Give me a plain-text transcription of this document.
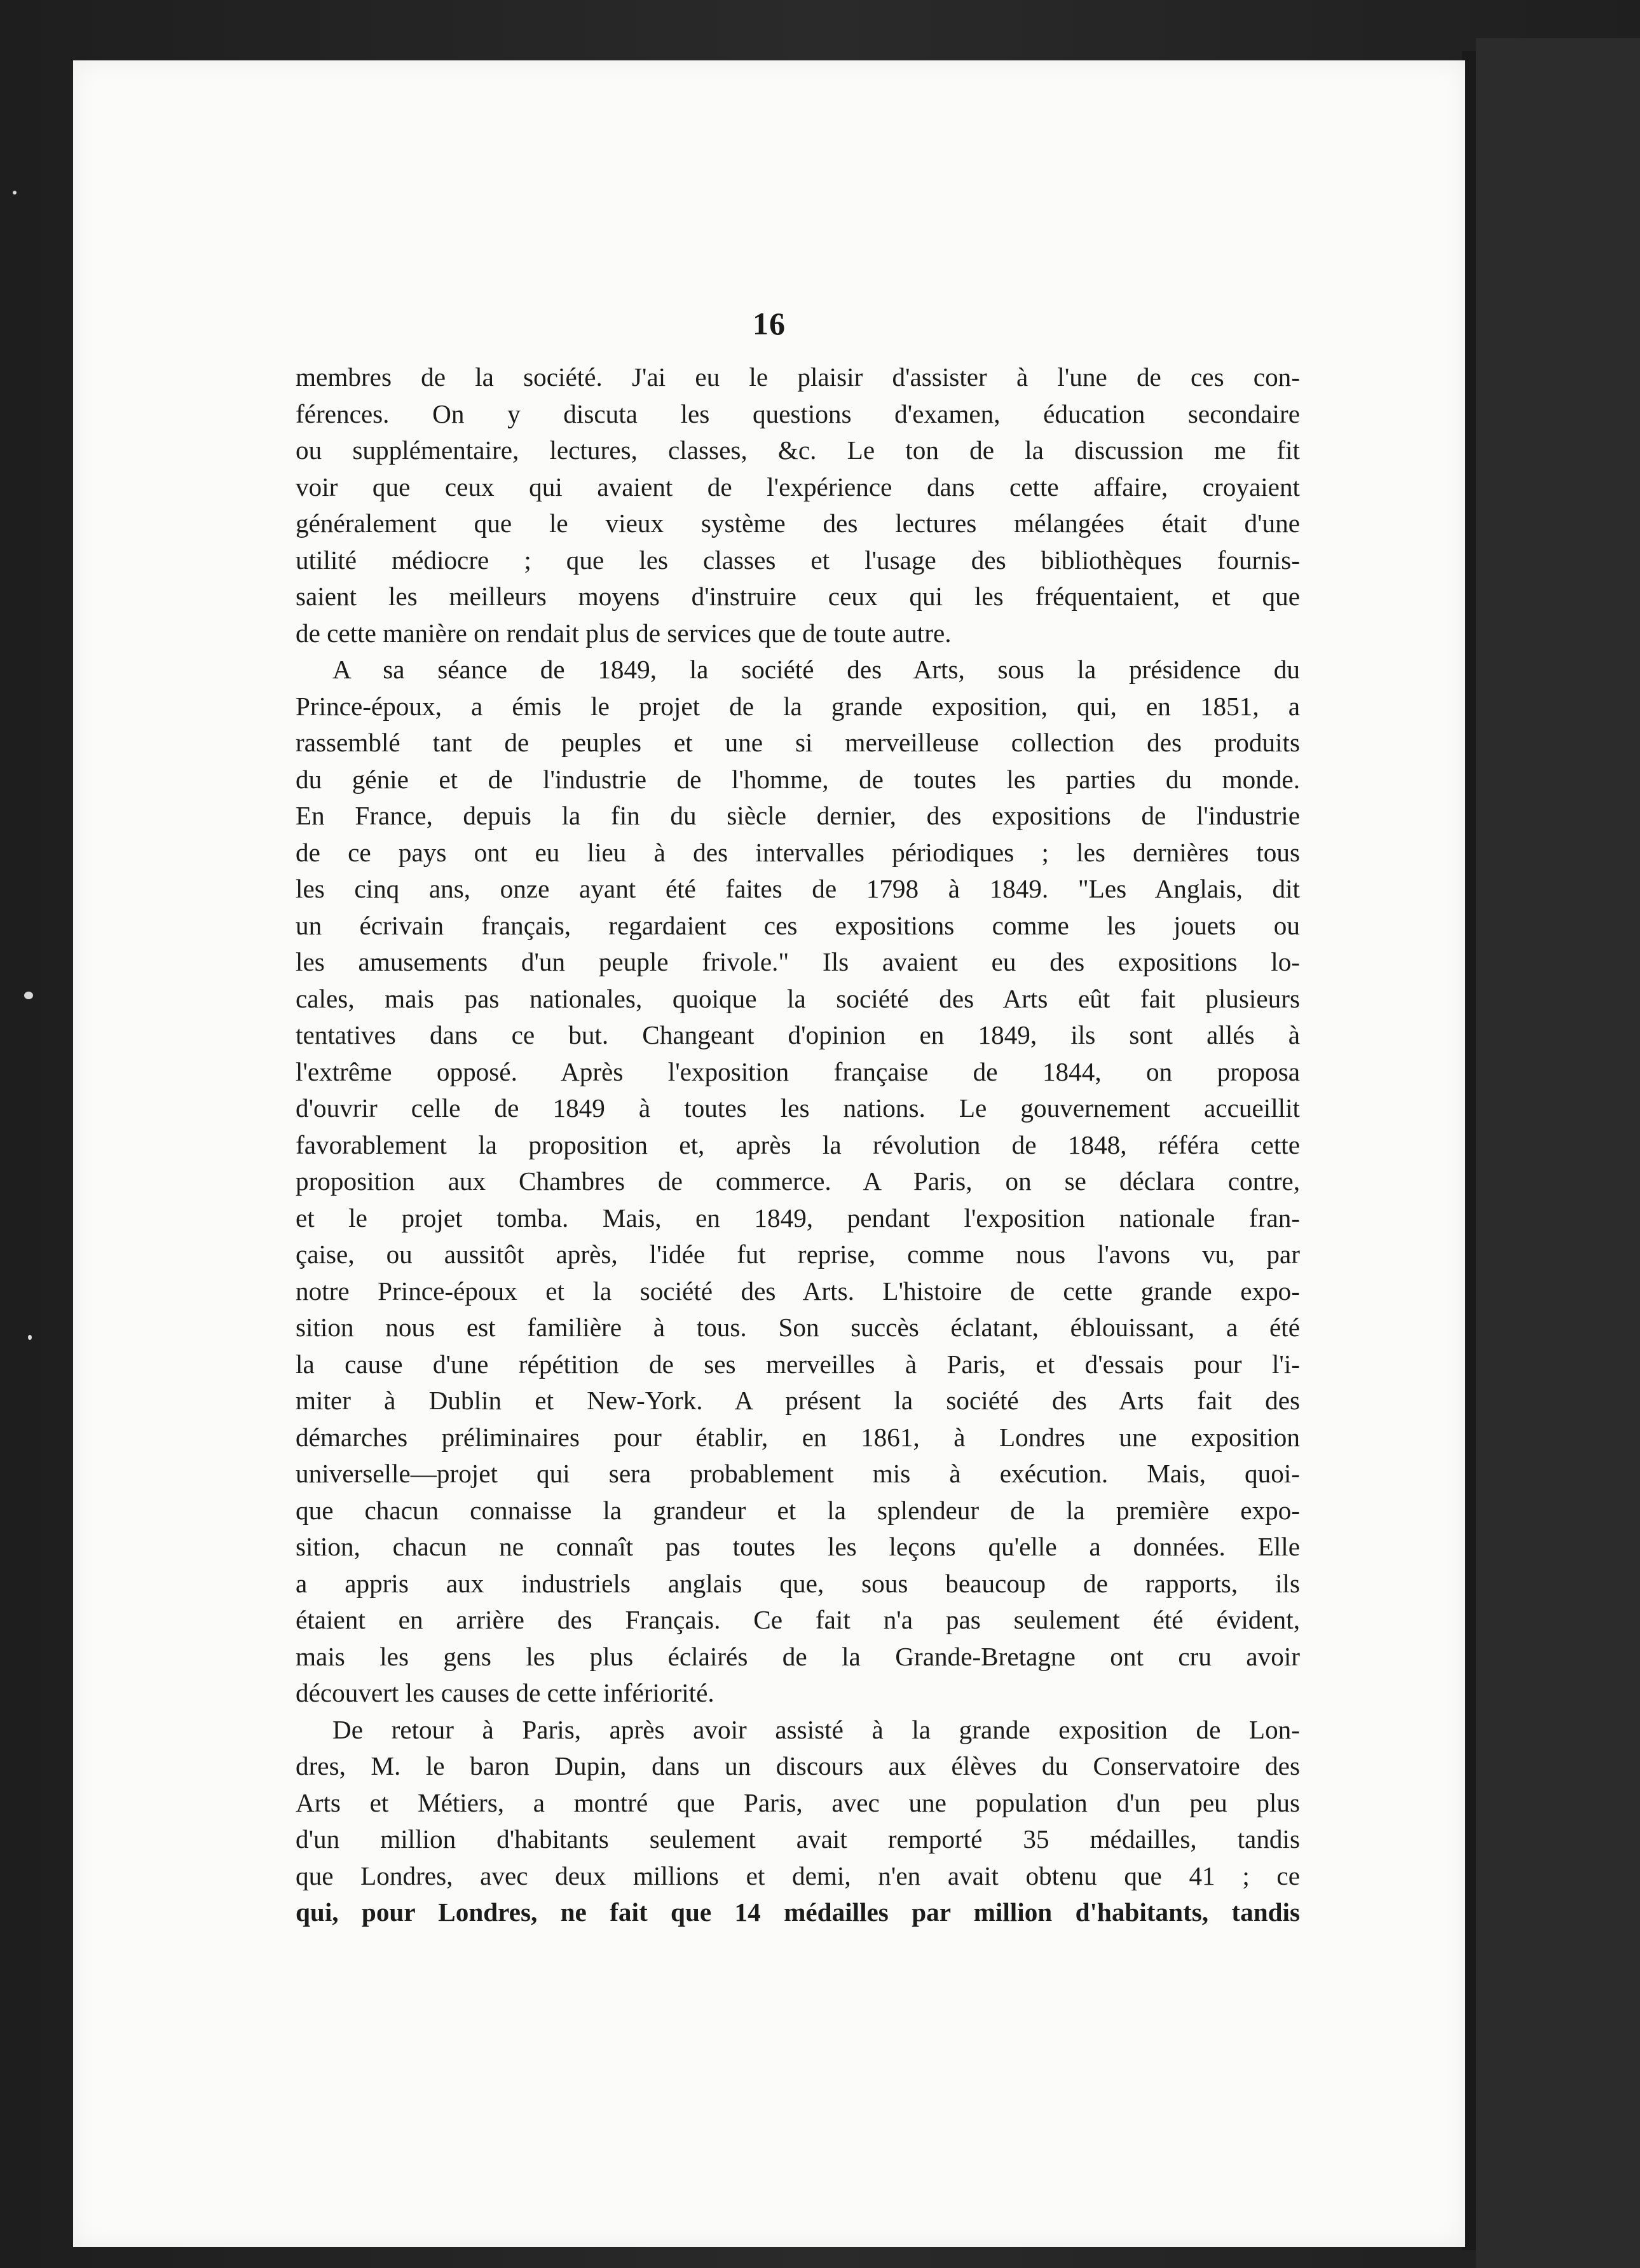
16
membres de la société. J'ai eu le plaisir d'assister à l'une de ces con-
férences. On y discuta les questions d'examen, éducation secondaire
ou supplémentaire, lectures, classes, &c. Le ton de la discussion me fit
voir que ceux qui avaient de l'expérience dans cette affaire, croyaient
généralement que le vieux système des lectures mélangées était d'une
utilité médiocre ; que les classes et l'usage des bibliothèques fournis-
saient les meilleurs moyens d'instruire ceux qui les fréquentaient, et que
de cette manière on rendait plus de services que de toute autre.
A sa séance de 1849, la société des Arts, sous la présidence du
Prince-époux, a émis le projet de la grande exposition, qui, en 1851, a
rassemblé tant de peuples et une si merveilleuse collection des produits
du génie et de l'industrie de l'homme, de toutes les parties du monde.
En France, depuis la fin du siècle dernier, des expositions de l'industrie
de ce pays ont eu lieu à des intervalles périodiques ; les dernières tous
les cinq ans, onze ayant été faites de 1798 à 1849. "Les Anglais, dit
un écrivain français, regardaient ces expositions comme les jouets ou
les amusements d'un peuple frivole." Ils avaient eu des expositions lo-
cales, mais pas nationales, quoique la société des Arts eût fait plusieurs
tentatives dans ce but. Changeant d'opinion en 1849, ils sont allés à
l'extrême opposé. Après l'exposition française de 1844, on proposa
d'ouvrir celle de 1849 à toutes les nations. Le gouvernement accueillit
favorablement la proposition et, après la révolution de 1848, référa cette
proposition aux Chambres de commerce. A Paris, on se déclara contre,
et le projet tomba. Mais, en 1849, pendant l'exposition nationale fran-
çaise, ou aussitôt après, l'idée fut reprise, comme nous l'avons vu, par
notre Prince-époux et la société des Arts. L'histoire de cette grande expo-
sition nous est familière à tous. Son succès éclatant, éblouissant, a été
la cause d'une répétition de ses merveilles à Paris, et d'essais pour l'i-
miter à Dublin et New-York. A présent la société des Arts fait des
démarches préliminaires pour établir, en 1861, à Londres une exposition
universelle—projet qui sera probablement mis à exécution. Mais, quoi-
que chacun connaisse la grandeur et la splendeur de la première expo-
sition, chacun ne connaît pas toutes les leçons qu'elle a données. Elle
a appris aux industriels anglais que, sous beaucoup de rapports, ils
étaient en arrière des Français. Ce fait n'a pas seulement été évident,
mais les gens les plus éclairés de la Grande-Bretagne ont cru avoir
découvert les causes de cette infériorité.
De retour à Paris, après avoir assisté à la grande exposition de Lon-
dres, M. le baron Dupin, dans un discours aux élèves du Conservatoire des
Arts et Métiers, a montré que Paris, avec une population d'un peu plus
d'un million d'habitants seulement avait remporté 35 médailles, tandis
que Londres, avec deux millions et demi, n'en avait obtenu que 41 ; ce
qui, pour Londres, ne fait que 14 médailles par million d'habitants, tandis
